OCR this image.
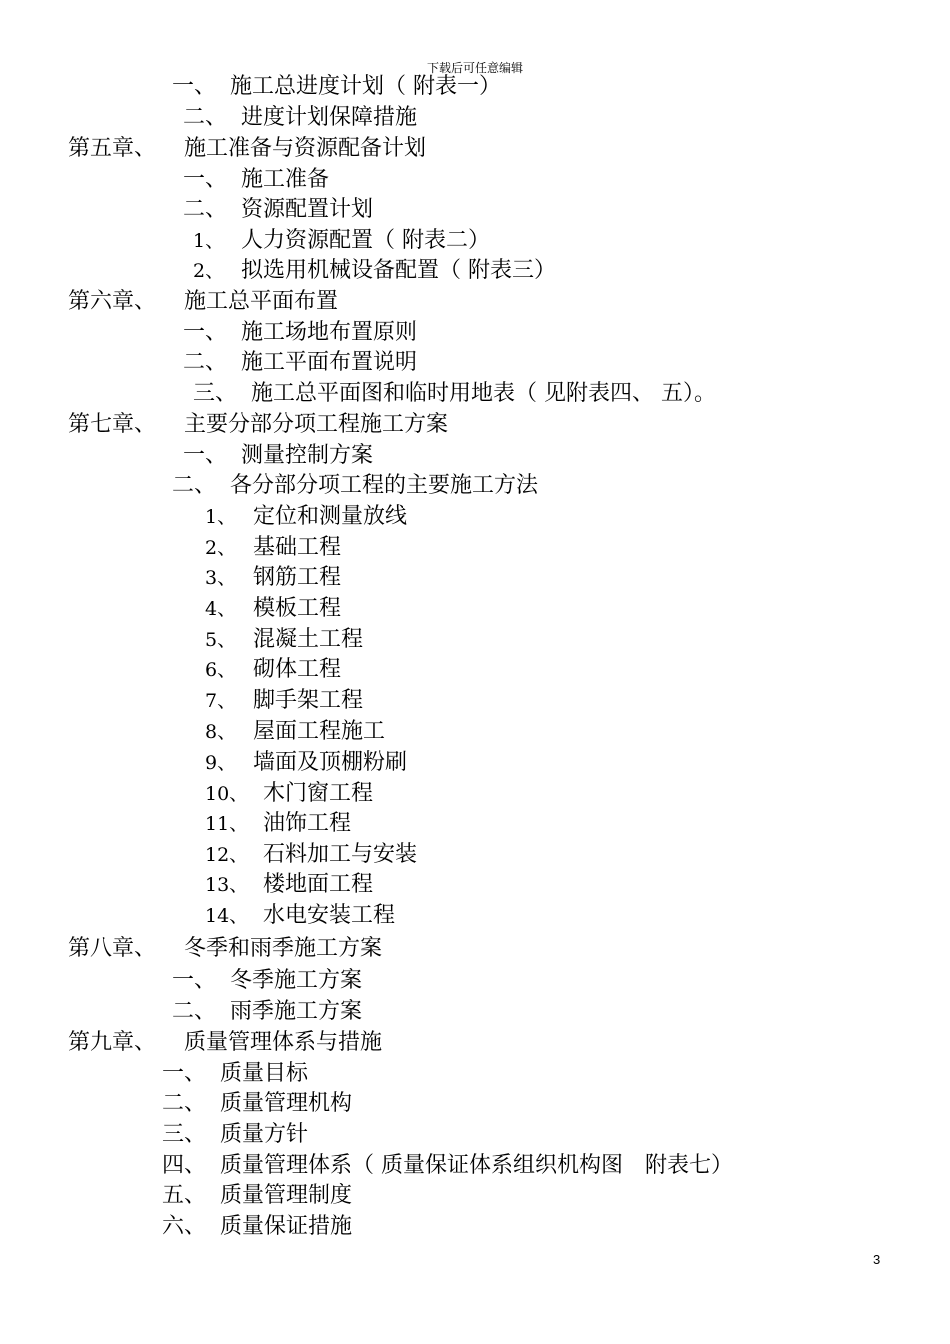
下载后可任意编辑
一、 施工总进度计划（ 附表一）
二、 进度计划保障措施
第五章、 施工准备与资源配备计划
一、 施工准备
二、 资源配置计划
1、 人力资源配置（ 附表二）
2、 拟选用机械设备配置（ 附表三）
第六章、 施工总平面布置
一、 施工场地布置原则
二、 施工平面布置说明
三、 施工总平面图和临时用地表（ 见附表四、 五）。
第七章、 主要分部分项工程施工方案
一、 测量控制方案
二、 各分部分项工程的主要施工方法
1、 定位和测量放线
2、 基础工程
3、 钢筋工程
4、 模板工程
5、 混凝土工程
6、 砌体工程
7、 脚手架工程
8、 屋面工程施工
9、 墙面及顶棚粉刷
10、 木门窗工程
11、 油饰工程
12、 石料加工与安装
13、 楼地面工程
14、 水电安装工程
第八章、 冬季和雨季施工方案
一、 冬季施工方案
二、 雨季施工方案
第九章、 质量管理体系与措施
一、 质量目标
二、 质量管理机构
三、 质量方针
四、 质量管理体系（ 质量保证体系组织机构图　附表七）
五、 质量管理制度
六、 质量保证措施
3
